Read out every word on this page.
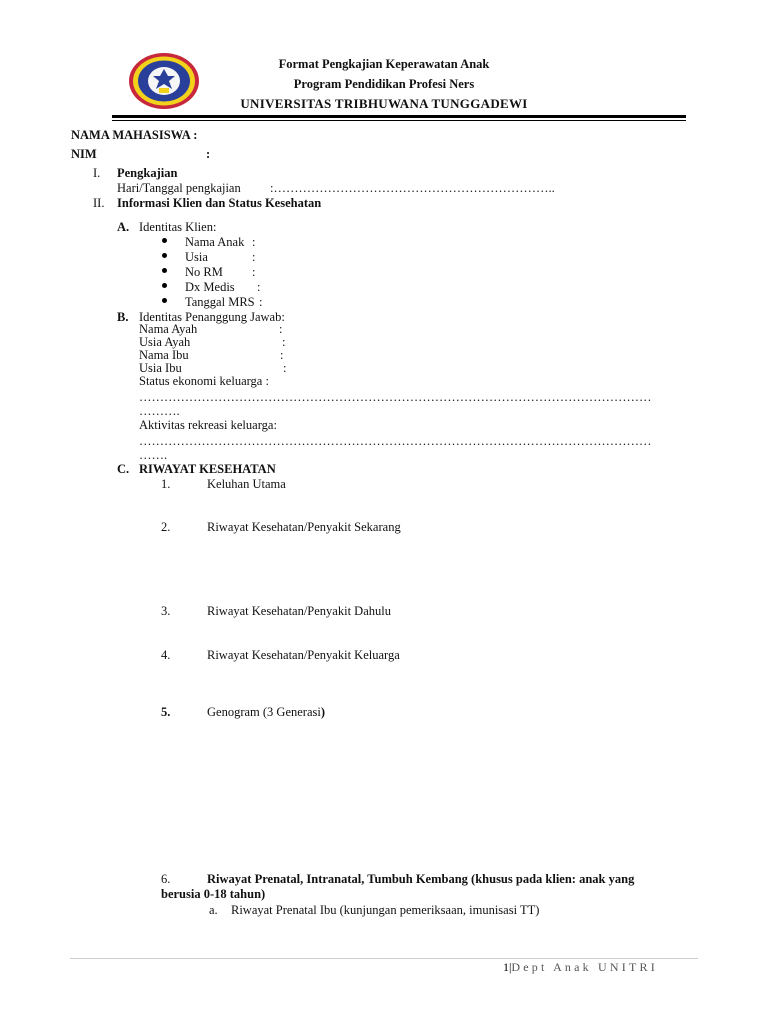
Format Pengkajian Keperawatan Anak
Program Pendidikan Profesi Ners
UNIVERSITAS TRIBHUWANA TUNGGADEWI
NAMA MAHASISWA :
NIM	:
I. Pengkajian
Hari/Tanggal pengkajian :…………………………………………………………..
II. Informasi Klien dan Status Kesehatan
A. Identitas Klien:
Nama Anak :
Usia	:
No RM :
Dx Medis :
Tanggal MRS :
B. Identitas Penanggung Jawab:
Nama Ayah	:
Usia Ayah	:
Nama Ibu	:
Usia Ibu	:
Status ekonomi keluarga :
……………………………………………………………………………………………………………
……….
Aktivitas rekreasi keluarga:
……………………………………………………………………………………………………………
…….
C. RIWAYAT KESEHATAN
1.	Keluhan Utama
2.	Riwayat Kesehatan/Penyakit Sekarang
3.	Riwayat Kesehatan/Penyakit Dahulu
4.	Riwayat Kesehatan/Penyakit Keluarga
5.	Genogram (3 Generasi)
6.	Riwayat Prenatal, Intranatal, Tumbuh Kembang (khusus pada klien: anak yang
berusia 0-18 tahun)
a. Riwayat Prenatal Ibu (kunjungan pemeriksaan, imunisasi TT)
1|Dept Anak UNITRI
